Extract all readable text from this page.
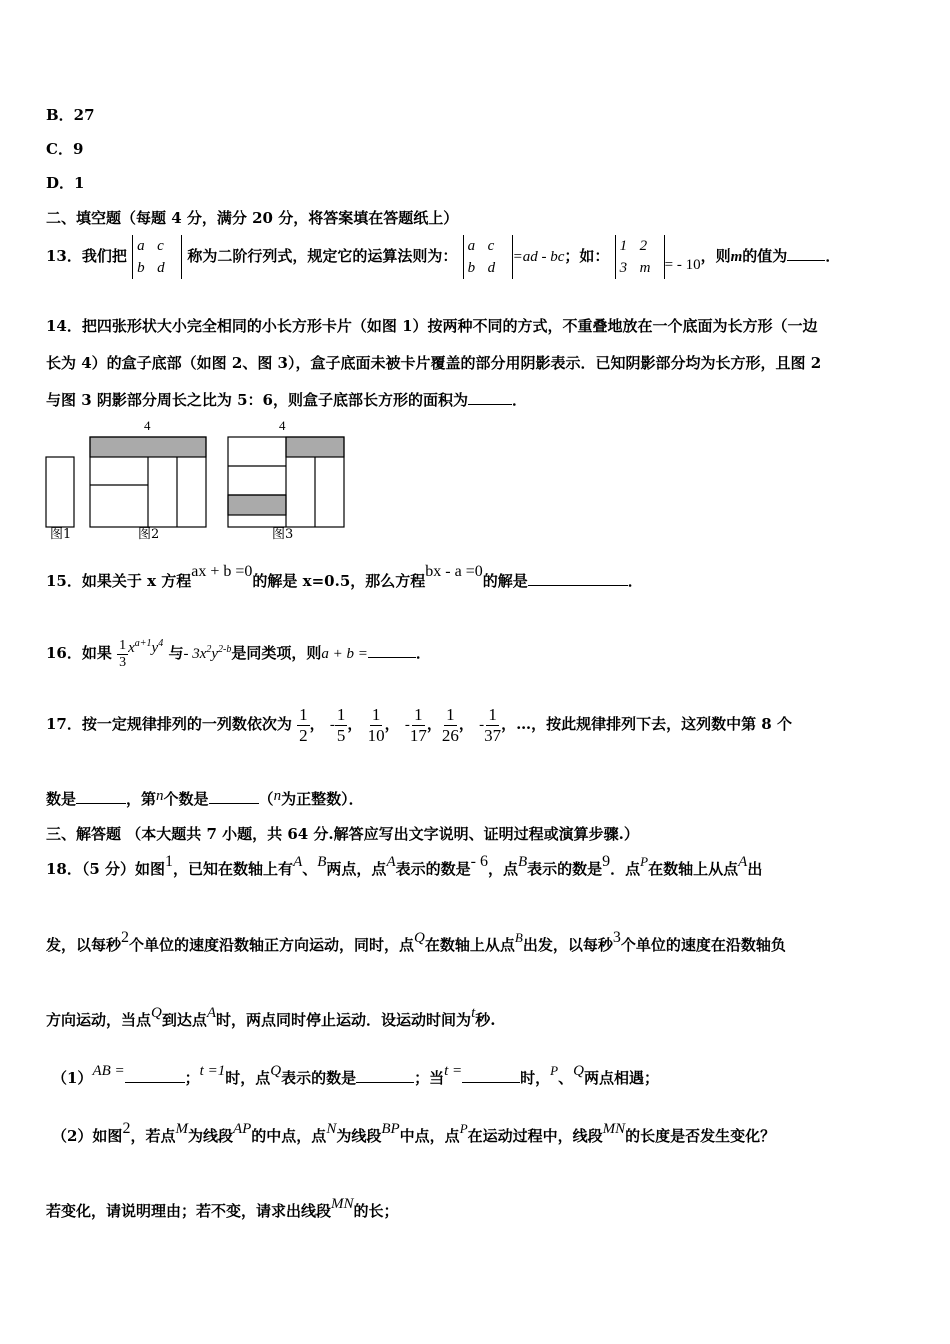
B．27
C．9
D．1
二、填空题（每题 4 分，满分 20 分，将答案填在答题纸上）
13．我们把 a c
b d 称为二阶行列式，规定它的运算法则为： a c
b d=ad - bc；如： 1 2
3 m = - 10，则m的值为	．
14．把四张形状大小完全相同的小长方形卡片（如图 1）按两种不同的方式，不重叠地放在一个底面为长方形（一边
长为 4）的盒子底部（如图 2、图 3），盒子底面未被卡片覆盖的部分用阴影表示．已知阴影部分均为长方形，且图 2
与图 3 阴影部分周长之比为 5：6，则盒子底部长方形的面积为	．
4	4
图1	图2	图3
15．如果关于 x 方程ax + b =0的解是 x=0.5，那么方程bx - a =0的解是	．
16．如果 $\frac{1}{3} x^{a+1}y^4$ 与- $3x^2y^{2-b}$是同类项，则a + b =	．
17．按一定规律排列的一列数依次为 $\frac{1}{2}$ ， - $\frac{1}{5}$ ， $\frac{1}{10}$ ， - $\frac{1}{17}$ ， $\frac{1}{26}$ ， - $\frac{1}{37}$ ，…，按此规律排列下去，这列数中第 8 个
数是	，第n个数是	（n为正整数）．
三、解答题 （本大题共 7 小题，共 64 分.解答应写出文字说明、证明过程或演算步骤.）
18．（5 分）如图1，已知在数轴上有A、B两点，点A表示的数是- 6，点B表示的数是9．点P在数轴上从点A出
发，以每秒2个单位的速度沿数轴正方向运动，同时，点Q在数轴上从点B出发，以每秒3个单位的速度在沿数轴负
方向运动，当点Q到达点A时，两点同时停止运动．设运动时间为t秒.
（1）AB =	；t =1时，点Q表示的数是	；当t =	时，P、Q两点相遇；
（2）如图2，若点M为线段AP的中点，点N为线段BP中点，点P在运动过程中，线段MN的长度是否发生变化？
若变化，请说明理由；若不变，请求出线段MN的长；
